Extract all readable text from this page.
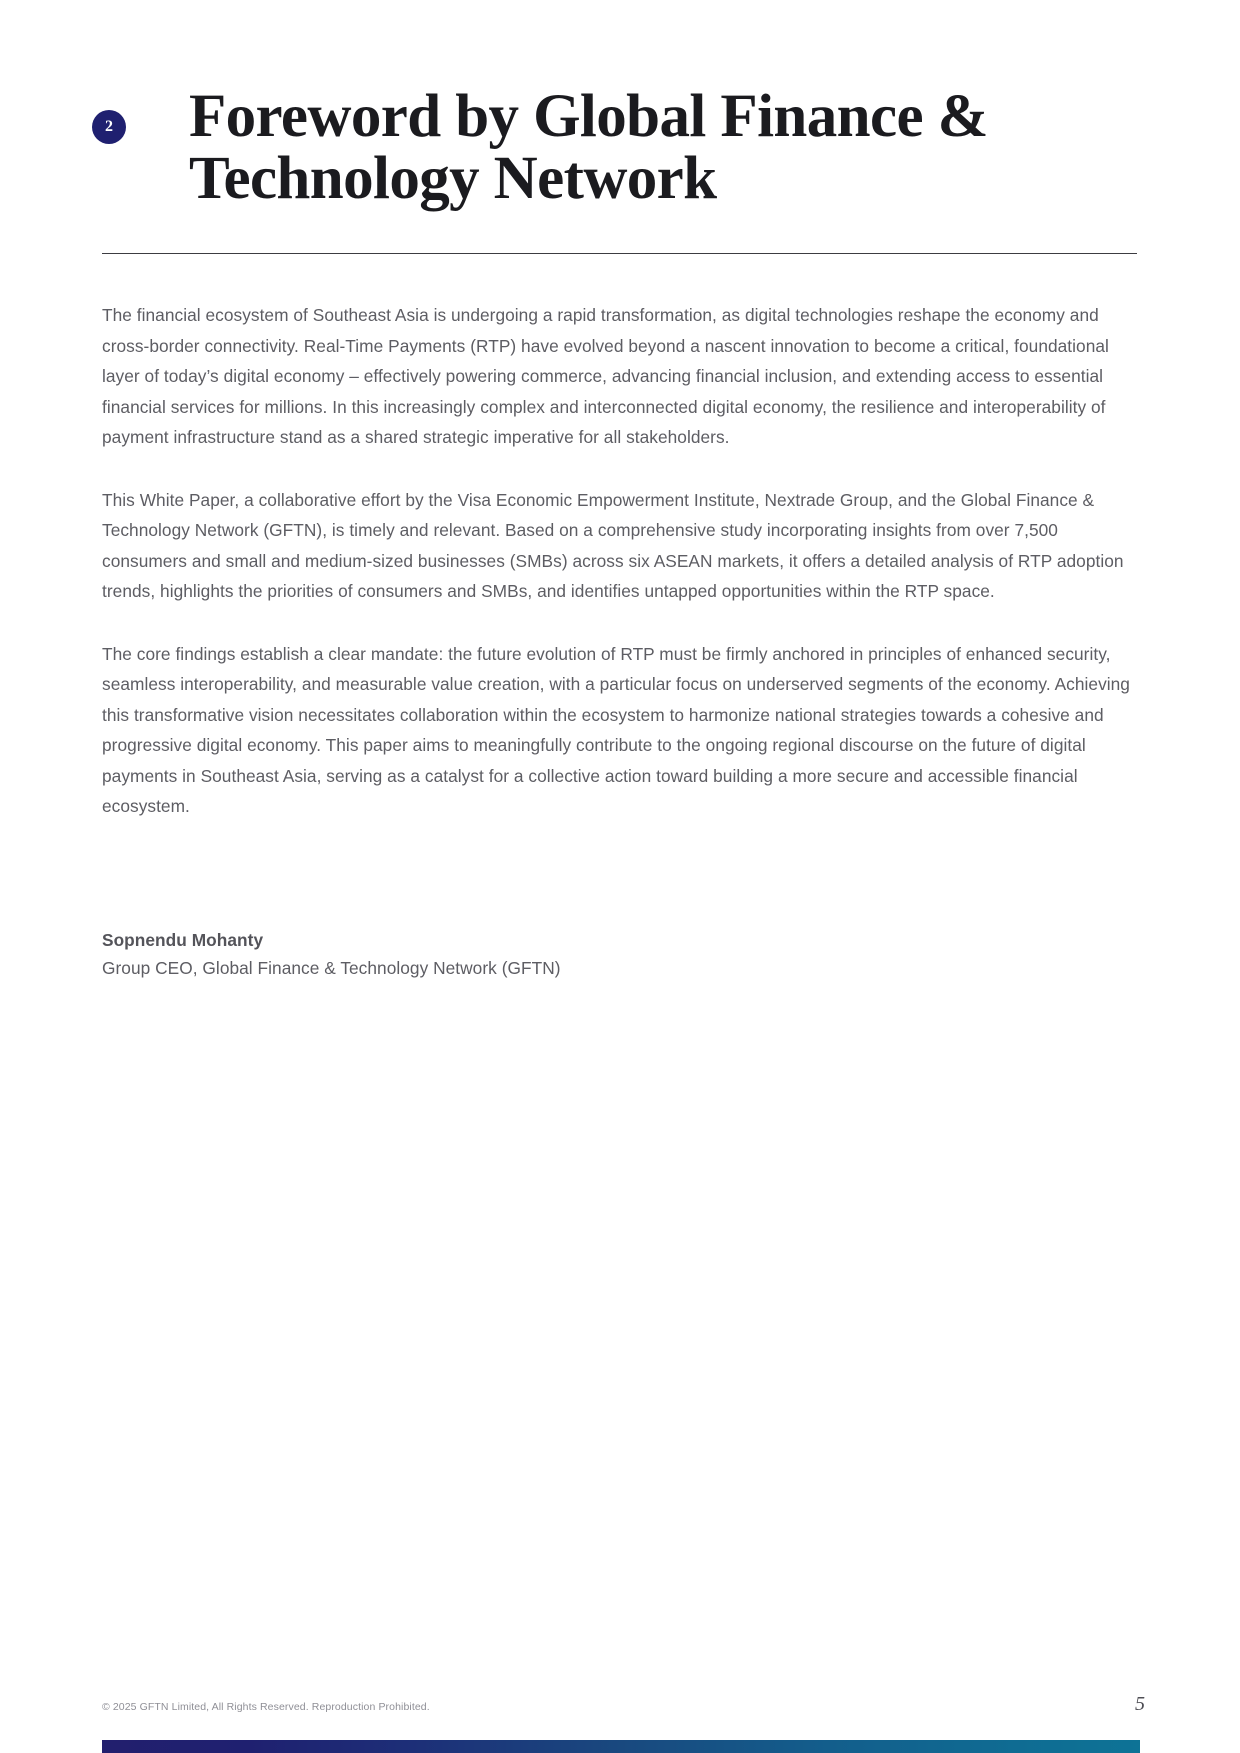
2	Foreword by Global Finance & Technology Network

The financial ecosystem of Southeast Asia is undergoing a rapid transformation, as digital technologies reshape the economy and cross-border connectivity. Real-Time Payments (RTP) have evolved beyond a nascent innovation to become a critical, foundational layer of today’s digital economy – effectively powering commerce, advancing financial inclusion, and extending access to essential financial services for millions. In this increasingly complex and interconnected digital economy, the resilience and interoperability of payment infrastructure stand as a shared strategic imperative for all stakeholders.

This White Paper, a collaborative effort by the Visa Economic Empowerment Institute, Nextrade Group, and the Global Finance & Technology Network (GFTN), is timely and relevant. Based on a comprehensive study incorporating insights from over 7,500 consumers and small and medium-sized businesses (SMBs) across six ASEAN markets, it offers a detailed analysis of RTP adoption trends, highlights the priorities of consumers and SMBs, and identifies untapped opportunities within the RTP space.

The core findings establish a clear mandate: the future evolution of RTP must be firmly anchored in principles of enhanced security, seamless interoperability, and measurable value creation, with a particular focus on underserved segments of the economy. Achieving this transformative vision necessitates collaboration within the ecosystem to harmonize national strategies towards a cohesive and progressive digital economy. This paper aims to meaningfully contribute to the ongoing regional discourse on the future of digital payments in Southeast Asia, serving as a catalyst for a collective action toward building a more secure and accessible financial ecosystem.

Sopnendu Mohanty

Group CEO, Global Finance & Technology Network (GFTN)

© 2025 GFTN Limited, All Rights Reserved. Reproduction Prohibited.	5
